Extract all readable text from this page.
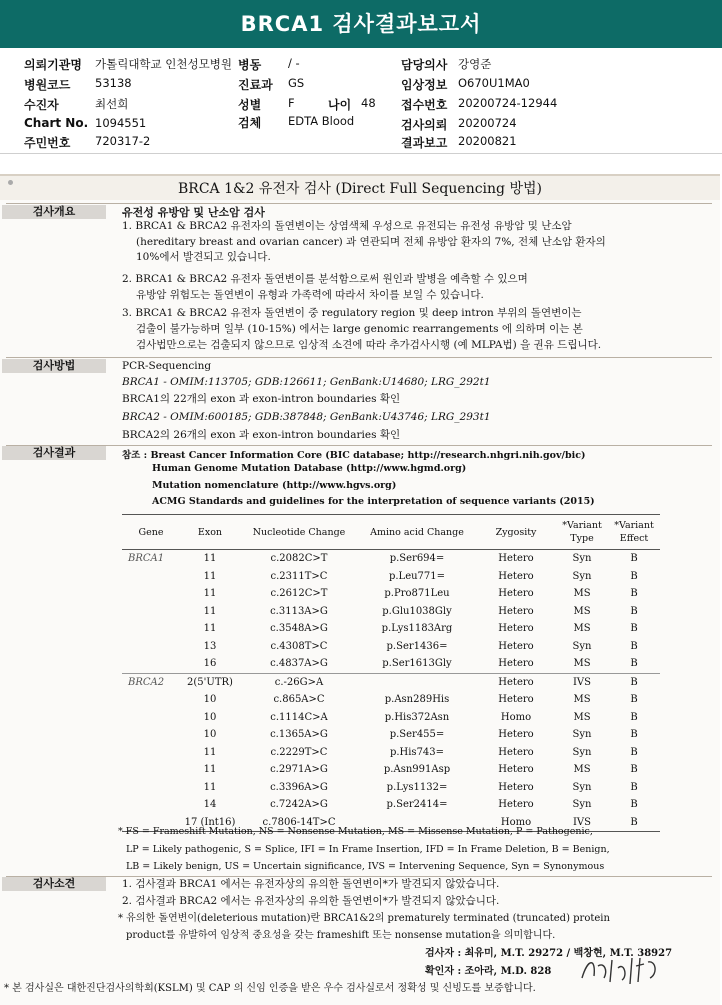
BRCA1 검사결과보고서
의뢰기관명 가톨릭대학교 인천성모병원
병원코드 53138
수진자	최선희
Chart No. 1094551
주민번호 720317-2
병동 / -
진료과 GS
성별 F	나이 48
검체 EDTA Blood
담당의사 강영준
임상정보 O670U1MA0
접수번호 20200724-12944
검사의뢰 20200724
결과보고 20200821
BRCA 1&2 유전자 검사 (Direct Full Sequencing 방법)
검사개요	유전성 유방암 및 난소암 검사
1. BRCA1 & BRCA2 유전자의 돌연변이는 상염색체 우성으로 유전되는 유전성 유방암 및 난소암
(hereditary breast and ovarian cancer) 과 연관되며 전체 유방암 환자의 7%, 전체 난소암 환자의
10%에서 발견되고 있습니다.
2. BRCA1 & BRCA2 유전자 돌연변이를 분석함으로써 원인과 발병을 예측할 수 있으며
유방암 위험도는 돌연변이 유형과 가족력에 따라서 차이를 보일 수 있습니다.
3. BRCA1 & BRCA2 유전자 돌연변이 중 regulatory region 및 deep intron 부위의 돌연변이는
검출이 불가능하며 일부 (10-15%) 에서는 large genomic rearrangements 에 의하며 이는 본
검사법만으로는 검출되지 않으므로 임상적 소견에 따라 추가검사시행 (예 MLPA법) 을 권유 드립니다.
검사방법	PCR-Sequencing
BRCA1 - OMIM:113705; GDB:126611; GenBank:U14680; LRG_292t1
BRCA1의 22개의 exon 과 exon-intron boundaries 확인
BRCA2 - OMIM:600185; GDB:387848; GenBank:U43746; LRG_293t1
BRCA2의 26개의 exon 과 exon-intron boundaries 확인
검사결과	참조 : Breast Cancer Information Core (BIC database; http://research.nhgri.nih.gov/bic)
Human Genome Mutation Database (http://www.hgmd.org)
Mutation nomenclature (http://www.hgvs.org)
ACMG Standards and guidelines for the interpretation of sequence variants (2015)
Gene	Exon	Nucleotide Change	Amino acid Change	Zygosity	*Variant Type	*Variant Effect
BRCA1	11	c.2082C>T	p.Ser694=	Hetero	Syn	B
	11	c.2311T>C	p.Leu771=	Hetero	Syn	B
	11	c.2612C>T	p.Pro871Leu	Hetero	MS	B
	11	c.3113A>G	p.Glu1038Gly	Hetero	MS	B
	11	c.3548A>G	p.Lys1183Arg	Hetero	MS	B
	13	c.4308T>C	p.Ser1436=	Hetero	Syn	B
	16	c.4837A>G	p.Ser1613Gly	Hetero	MS	B
BRCA2	2(5'UTR)	c.-26G>A		Hetero	IVS	B
	10	c.865A>C	p.Asn289His	Hetero	MS	B
	10	c.1114C>A	p.His372Asn	Homo	MS	B
	10	c.1365A>G	p.Ser455=	Hetero	Syn	B
	11	c.2229T>C	p.His743=	Hetero	Syn	B
	11	c.2971A>G	p.Asn991Asp	Hetero	MS	B
	11	c.3396A>G	p.Lys1132=	Hetero	Syn	B
	14	c.7242A>G	p.Ser2414=	Hetero	Syn	B
	17 (Int16)	c.7806-14T>C		Homo	IVS	B
* FS = Frameshift Mutation, NS = Nonsense Mutation, MS = Missense Mutation, P = Pathogenic,
LP = Likely pathogenic, S = Splice, IFI = In Frame Insertion, IFD = In Frame Deletion, B = Benign,
LB = Likely benign, US = Uncertain significance, IVS = Intervening Sequence, Syn = Synonymous
검사소견	1. 검사결과 BRCA1 에서는 유전자상의 유의한 돌연변이*가 발견되지 않았습니다.
2. 검사결과 BRCA2 에서는 유전자상의 유의한 돌연변이*가 발견되지 않았습니다.
* 유의한 돌연변이(deleterious mutation)란 BRCA1&2의 prematurely terminated (truncated) protein
product를 유발하여 임상적 중요성을 갖는 frameshift 또는 nonsense mutation을 의미합니다.
검사자 : 최유미, M.T. 29272 / 백창현, M.T. 38927
확인자 : 조아라, M.D. 828
* 본 검사실은 대한진단검사의학회(KSLM) 및 CAP 의 신임 인증을 받은 우수 검사실로서 정확성 및 신빙도를 보증합니다.
